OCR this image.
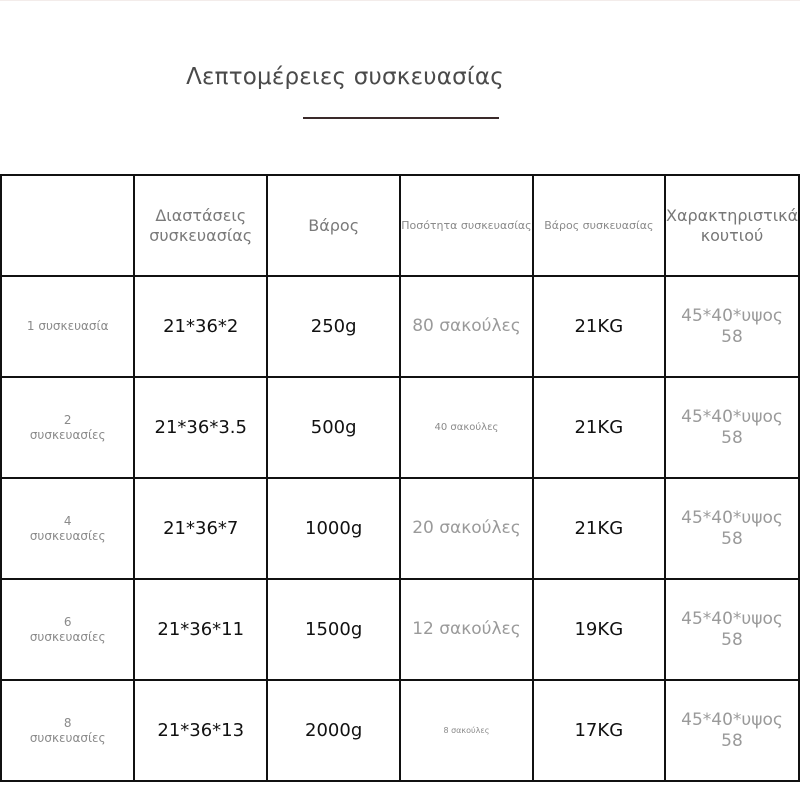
Λεπτομέρειες συσκευασίας
	Διαστάσεις συσκευασίας	Βάρος	Ποσότητα συσκευασίας	Βάρος συσκευασίας	Χαρακτηριστικά κουτιού
1 συσκευασία	21*36*2	250g	80 σακούλες	21KG	45*40*υψος
58

2 συσκευασίες	21*36*3.5	500g	40 σακούλες	21KG	45*40*υψος
58

4 συσκευασίες	21*36*7	1000g	20 σακούλες	21KG	45*40*υψος
58

6 συσκευασίες	21*36*11	1500g	12 σακούλες	19KG	45*40*υψος
58

8 συσκευασίες	21*36*13	2000g	8 σακούλες	17KG	45*40*υψος
58
